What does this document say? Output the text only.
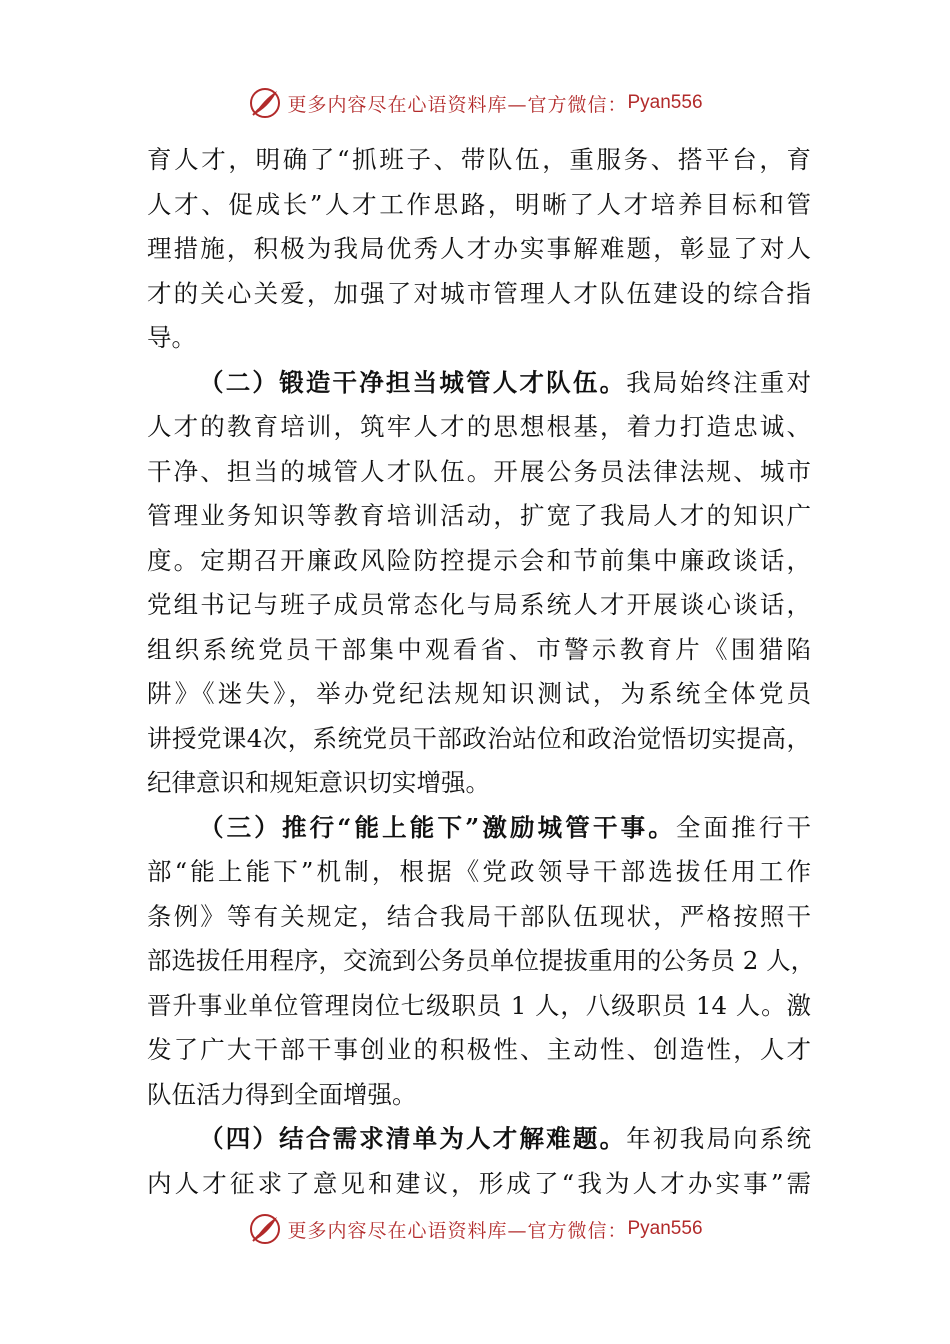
更多内容尽在心语资料库—官方微信： Pyan556
育人才，明确了“抓班子、带队伍，重服务、搭平台，育
人才、促成长”人才工作思路，明晰了人才培养目标和管
理措施，积极为我局优秀人才办实事解难题，彰显了对人
才的关心关爱，加强了对城市管理人才队伍建设的综合指
导。
（二）锻造干净担当城管人才队伍。我局始终注重对
人才的教育培训，筑牢人才的思想根基，着力打造忠诚、
干净、担当的城管人才队伍。开展公务员法律法规、城市
管理业务知识等教育培训活动，扩宽了我局人才的知识广
度。定期召开廉政风险防控提示会和节前集中廉政谈话，
党组书记与班子成员常态化与局系统人才开展谈心谈话，
组织系统党员干部集中观看省、市警示教育片《围猎陷
阱》《迷失》，举办党纪法规知识测试，为系统全体党员
讲授党课4次，系统党员干部政治站位和政治觉悟切实提高，
纪律意识和规矩意识切实增强。
（三）推行“能上能下”激励城管干事。全面推行干
部“能上能下”机制，根据《党政领导干部选拔任用工作
条例》等有关规定，结合我局干部队伍现状，严格按照干
部选拔任用程序，交流到公务员单位提拔重用的公务员 2 人，
晋升事业单位管理岗位七级职员 1 人，八级职员 14 人。激
发了广大干部干事创业的积极性、主动性、创造性，人才
队伍活力得到全面增强。
（四）结合需求清单为人才解难题。年初我局向系统
内人才征求了意见和建议，形成了“我为人才办实事”需
更多内容尽在心语资料库—官方微信： Pyan556
